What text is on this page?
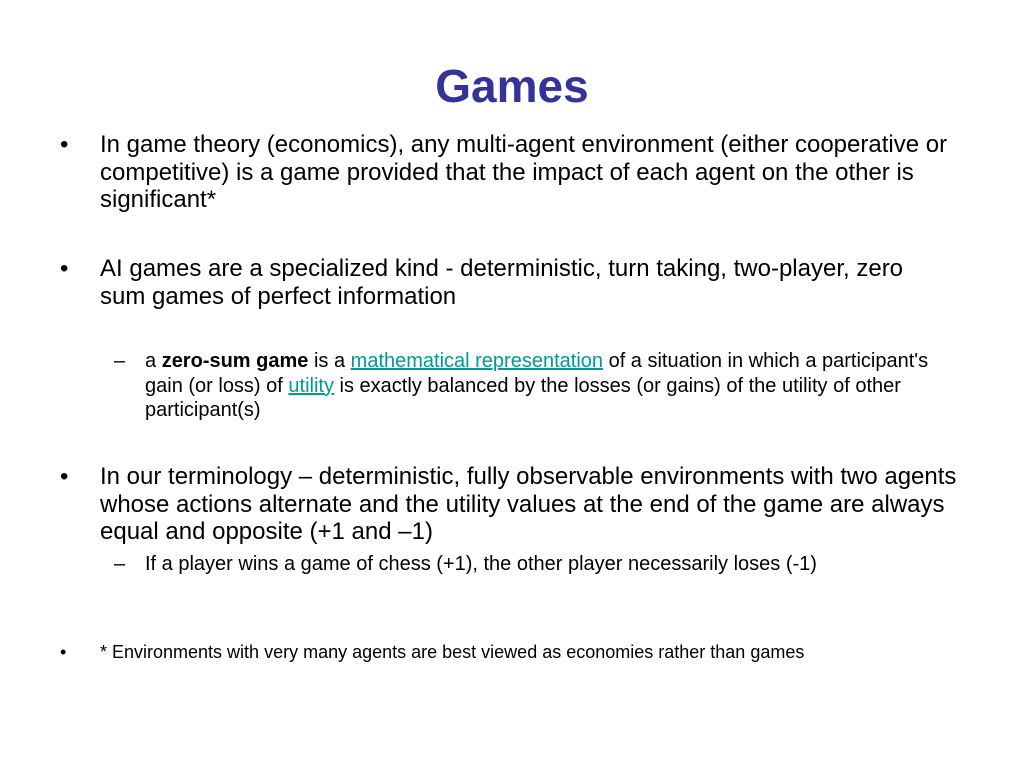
Games
• In game theory (economics), any multi-agent environment (either cooperative or competitive) is a game provided that the impact of each agent on the other is significant*
• AI games are a specialized kind - deterministic, turn taking, two-player, zero sum games of perfect information
– a zero-sum game is a mathematical representation of a situation in which a participant's gain (or loss) of utility is exactly balanced by the losses (or gains) of the utility of other participant(s)
• In our terminology – deterministic, fully observable environments with two agents whose actions alternate and the utility values at the end of the game are always equal and opposite (+1 and –1)
– If a player wins a game of chess (+1), the other player necessarily loses (-1)
• * Environments with very many agents are best viewed as economies rather than games
